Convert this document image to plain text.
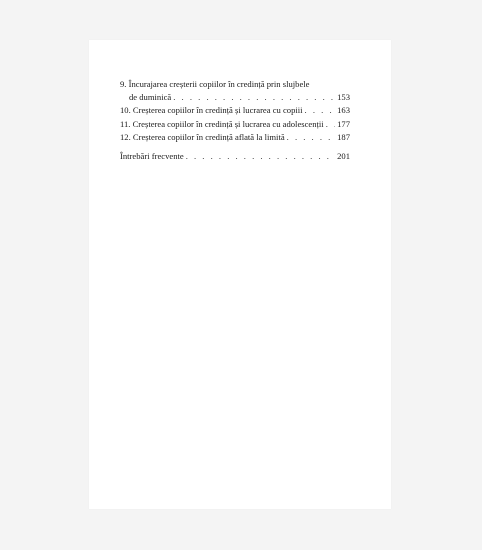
9. Încurajarea creșterii copiilor în credință prin slujbele
de duminică . . .	153
10. Creșterea copiilor în credință și lucrarea cu copiii . . .	163
11. Creșterea copiilor în credință și lucrarea cu adolescenții . . . 177
12. Creșterea copiilor în credință aflată la limită . . .	187
Întrebări frecvente . . .	201
